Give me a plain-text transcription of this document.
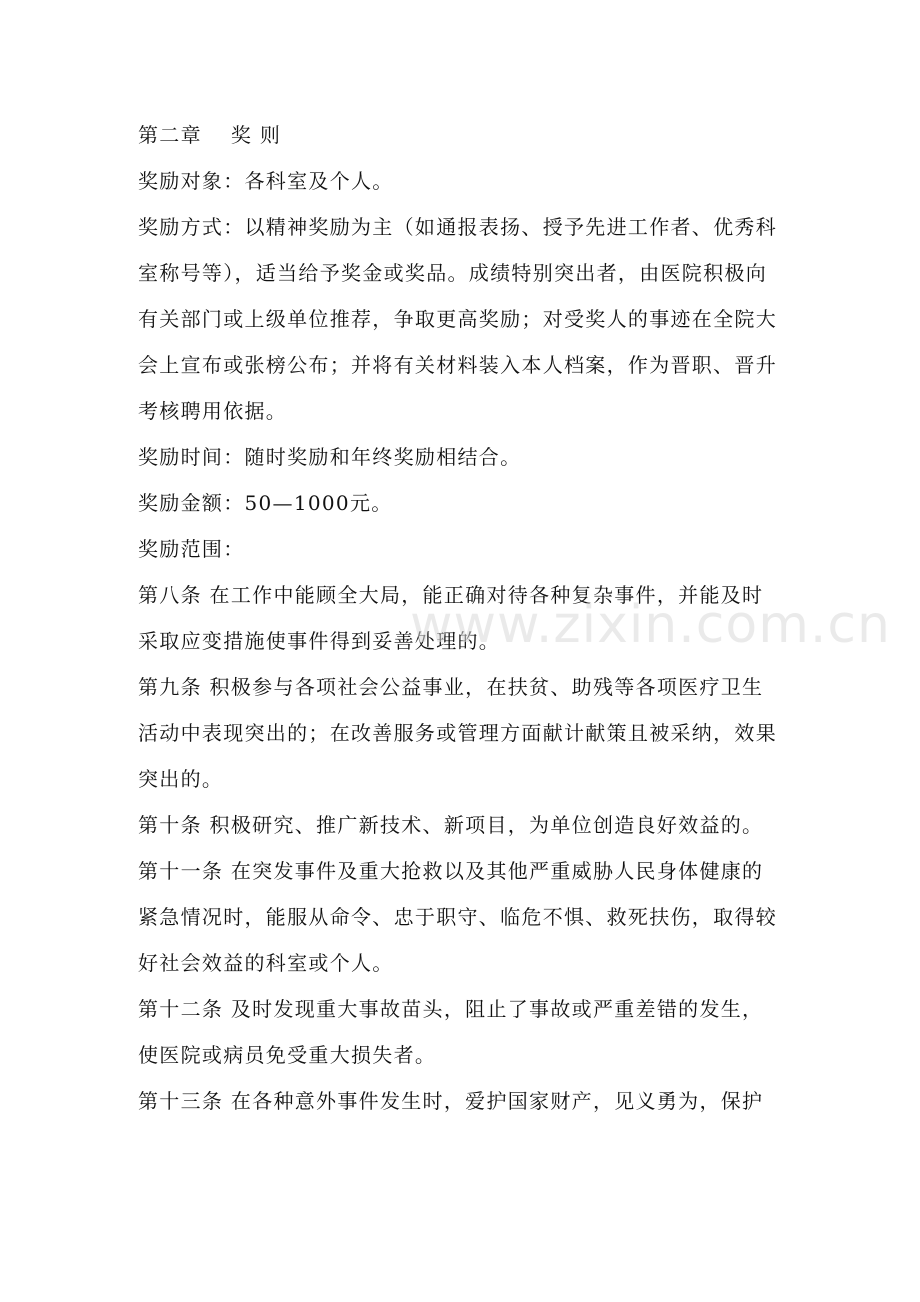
第二章　 奖 则
奖励对象：各科室及个人。
奖励方式：以精神奖励为主（如通报表扬、授予先进工作者、优秀科
室称号等），适当给予奖金或奖品。成绩特别突出者，由医院积极向
有关部门或上级单位推荐，争取更高奖励；对受奖人的事迹在全院大
会上宣布或张榜公布；并将有关材料装入本人档案，作为晋职、晋升
考核聘用依据。
奖励时间：随时奖励和年终奖励相结合。
奖励金额：50—1000元。
奖励范围：
第八条 在工作中能顾全大局，能正确对待各种复杂事件，并能及时
采取应变措施使事件得到妥善处理的。
第九条 积极参与各项社会公益事业，在扶贫、助残等各项医疗卫生
活动中表现突出的；在改善服务或管理方面献计献策且被采纳，效果
突出的。
第十条 积极研究、推广新技术、新项目，为单位创造良好效益的。
第十一条 在突发事件及重大抢救以及其他严重威胁人民身体健康的
紧急情况时，能服从命令、忠于职守、临危不惧、救死扶伤，取得较
好社会效益的科室或个人。
第十二条 及时发现重大事故苗头，阻止了事故或严重差错的发生，
使医院或病员免受重大损失者。
第十三条 在各种意外事件发生时，爱护国家财产，见义勇为，保护
www.zixin.com.cn
